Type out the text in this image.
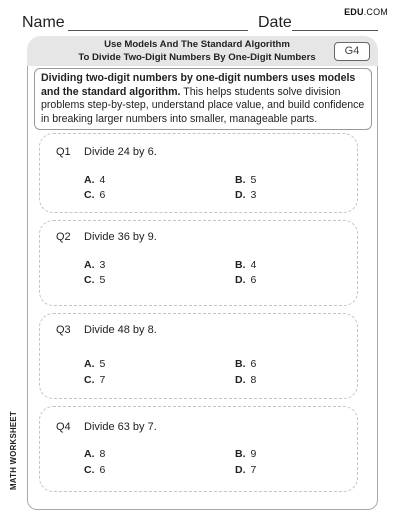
Name	Date
EDU.COM
Use Models And The Standard Algorithm
To Divide Two-Digit Numbers By One-Digit Numbers	G4
Dividing two-digit numbers by one-digit numbers uses models and the standard algorithm. This helps students solve division problems step-by-step, understand place value, and build confidence in breaking larger numbers into smaller, manageable parts.
Q1 Divide 24 by 6.
A. 4	B. 5
C. 6	D. 3
Q2 Divide 36 by 9.
A. 3	B. 4
C. 5	D. 6
Q3 Divide 48 by 8.
A. 5	B. 6
C. 7	D. 8
Q4 Divide 63 by 7.
A. 8	B. 9
C. 6	D. 7
MATH WORKSHEET
